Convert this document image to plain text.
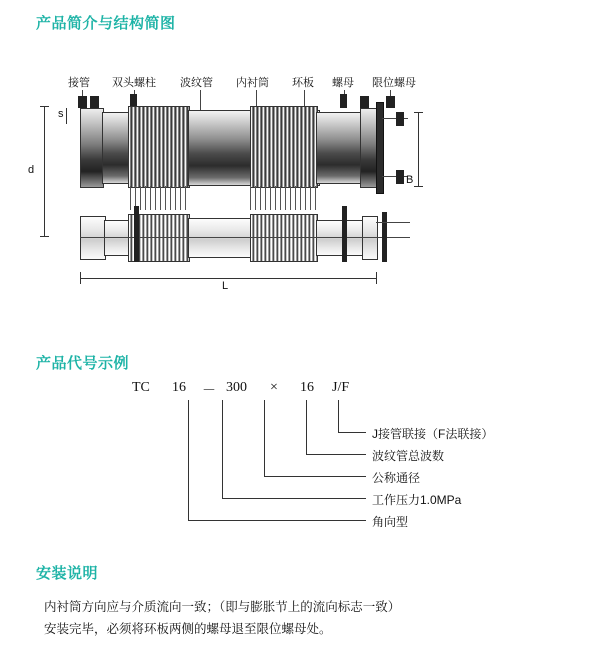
产品简介与结构简图
产品代号示例
安装说明
接管 双头螺柱 波纹管 内衬筒 环板 螺母 限位螺母
s
d
B
L
TC 16 － 300 × 16 J/F
J接管联接（F法联接）
波纹管总波数
公称通径
工作压力1.0MPa
角向型
内衬筒方向应与介质流向一致；（即与膨胀节上的流向标志一致）
安装完毕，必须将环板两侧的螺母退至限位螺母处。
